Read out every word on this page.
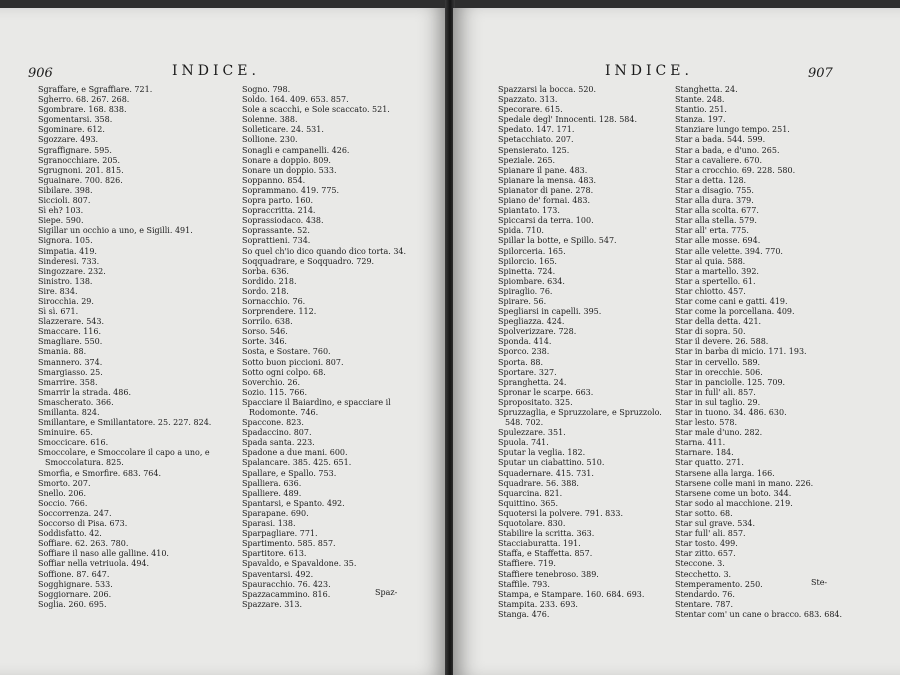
906	INDICE.
Sgraffare, e Sgraffiare. 721.
Sgherro. 68. 267. 268.
Sgombrare. 168. 838.
Sgomentarsi. 358.
Sgominare. 612.
Sgozzare. 493.
Sgraffignare. 595.
Sgranocchiare. 205.
Sgrugnoni. 201. 815.
Sguainare. 700. 826.
Sibilare. 398.
Siccioli. 807.
Sì eh? 103.
Siepe. 590.
Sigillar un occhio a uno, e Sigilli. 491.
Signora. 105.
Simpatia. 419.
Sinderesi. 733.
Singozzare. 232.
Sinistro. 138.
Sire. 834.
Sirocchia. 29.
Sì sì. 671.
Slazzerare. 543.
Smaccare. 116.
Smagliare. 550.
Smania. 88.
Smannero. 374.
Smargiasso. 25.
Smarrire. 358.
Smarrir la strada. 486.
Smascherato. 366.
Smillanta. 824.
Smillantare, e Smillantatore. 25. 227. 824.
Sminuire. 65.
Smoccicare. 616.
Smoccolare, e Smoccolare il capo a uno, e Smoccolatura. 825.
Smorfia, e Smorfire. 683. 764.
Smorto. 207.
Snello. 206.
Soccio. 766.
Soccorrenza. 247.
Soccorso di Pisa. 673.
Soddisfatto. 42.
Soffiare. 62. 263. 780.
Soffiare il naso alle galline. 410.
Soffiar nella vetriuola. 494.
Soffione. 87. 647.
Sogghignare. 533.
Soggiornare. 206.
Soglia. 260. 695.
Sogno. 798.
Soldo. 164. 409. 653. 857.
Sole a scacchi, e Sole scaccato. 521.
Solenne. 388.
Solleticare. 24. 531.
Sollione. 230.
Sonagli e campanelli. 426.
Sonare a doppio. 809.
Sonare un doppio. 533.
Soppanno. 854.
Soprammano. 419. 775.
Sopra parto. 160.
Sopraccritta. 214.
Soprassiodaco. 438.
Soprassante. 52.
Soprattieni. 734.
So quel ch'io dico quando dico torta. 34.
Soqquadrare, e Soqquadro. 729.
Sorba. 636.
Sordido. 218.
Sordo. 218.
Sornacchio. 76.
Sorprendere. 112.
Sorrilo. 638.
Sorso. 546.
Sorte. 346.
Sosta, e Sostare. 760.
Sotto buon piccioni. 807.
Sotto ogni colpo. 68.
Soverchio. 26.
Sozio. 115. 766.
Spacciare il Baiardino, e spacciare il Rodomonte. 746.
Spaccone. 823.
Spadaccino. 807.
Spada santa. 223.
Spadone a due mani. 600.
Spalancare. 385. 425. 651.
Spallare, e Spallo. 753.
Spalliera. 636.
Spalliere. 489.
Spantarsi, e Spanto. 492.
Sparapane. 690.
Sparasi. 138.
Sparpagliare. 771.
Spartimento. 585. 857.
Spartitore. 613.
Spavaldo, e Spavaldone. 35.
Spaventarsi. 492.
Spauracchio. 76. 423.
Spazzacammino. 816.
Spazzare. 313.
Spaz-
INDICE.	907
Spazzarsi la bocca. 520.
Spazzato. 313.
Specorare. 615.
Spedale degl' Innocenti. 128. 584.
Spedato. 147. 171.
Spetacchiato. 207.
Spensierato. 125.
Speziale. 265.
Spianare il pane. 483.
Spianare la mensa. 483.
Spianator di pane. 278.
Spiano de' fornai. 483.
Spiantato. 173.
Spiccarsi da terra. 100.
Spida. 710.
Spillar la botte, e Spillo. 547.
Spilorceria. 165.
Spilorcio. 165.
Spinetta. 724.
Spiombare. 634.
Spiraglio. 76.
Spirare. 56.
Spegliarsi in capelli. 395.
Spegliazza. 424.
Spolverizzare. 728.
Sponda. 414.
Sporco. 238.
Sporta. 88.
Sportare. 327.
Spranghetta. 24.
Spronar le scarpe. 663.
Spropositato. 325.
Spruzzaglia, e Spruzzolare, e Spruzzolo. 548. 702.
Spulezzare. 351.
Spuola. 741.
Sputar la veglia. 182.
Sputar un ciabattino. 510.
Squadernare. 415. 731.
Squadrare. 56. 388.
Squarcina. 821.
Squittino. 365.
Squotersi la polvere. 791. 833.
Squotolare. 830.
Stabilire la scritta. 363.
Stacciaburatta. 191.
Staffa, e Staffetta. 857.
Staffiere. 719.
Staffiere tenebroso. 389.
Staffile. 793.
Stampa, e Stampare. 160. 684. 693.
Stampita. 233. 693.
Stanga. 476.
Stanghetta. 24.
Stante. 248.
Stantio. 251.
Stanza. 197.
Stanziare lungo tempo. 251.
Star a bada. 544. 599.
Star a bada, e d'uno. 265.
Star a cavaliere. 670.
Star a crocchio. 69. 228. 580.
Star a detta. 128.
Star a disagio. 755.
Star alla dura. 379.
Star alla scolta. 677.
Star alla stella. 579.
Star all' erta. 775.
Star alle mosse. 694.
Star alle velette. 394. 770.
Star al quia. 588.
Star a martello. 392.
Star a spertello. 61.
Star chiotto. 457.
Star come cani e gatti. 419.
Star come la porcellana. 409.
Star della detta. 421.
Star di sopra. 50.
Star il devere. 26. 588.
Star in barba di micio. 171. 193.
Star in cervello. 589.
Star in orecchie. 506.
Star in panciolle. 125. 709.
Star in full' ali. 857.
Star in sul taglio. 29.
Star in tuono. 34. 486. 630.
Star lesto. 578.
Star male d'uno. 282.
Starna. 411.
Starnare. 184.
Star quatto. 271.
Starsene alla larga. 166.
Starsene colle mani in mano. 226.
Starsene come un boto. 344.
Star sodo al macchione. 219.
Star sotto. 68.
Star sul grave. 534.
Star full' ali. 857.
Star tosto. 499.
Star zitto. 657.
Steccone. 3.
Stecchetto. 3.
Stemperamento. 250.
Stendardo. 76.
Stentare. 787.
Stentar com' un cane o bracco. 683. 684.
Ste-
